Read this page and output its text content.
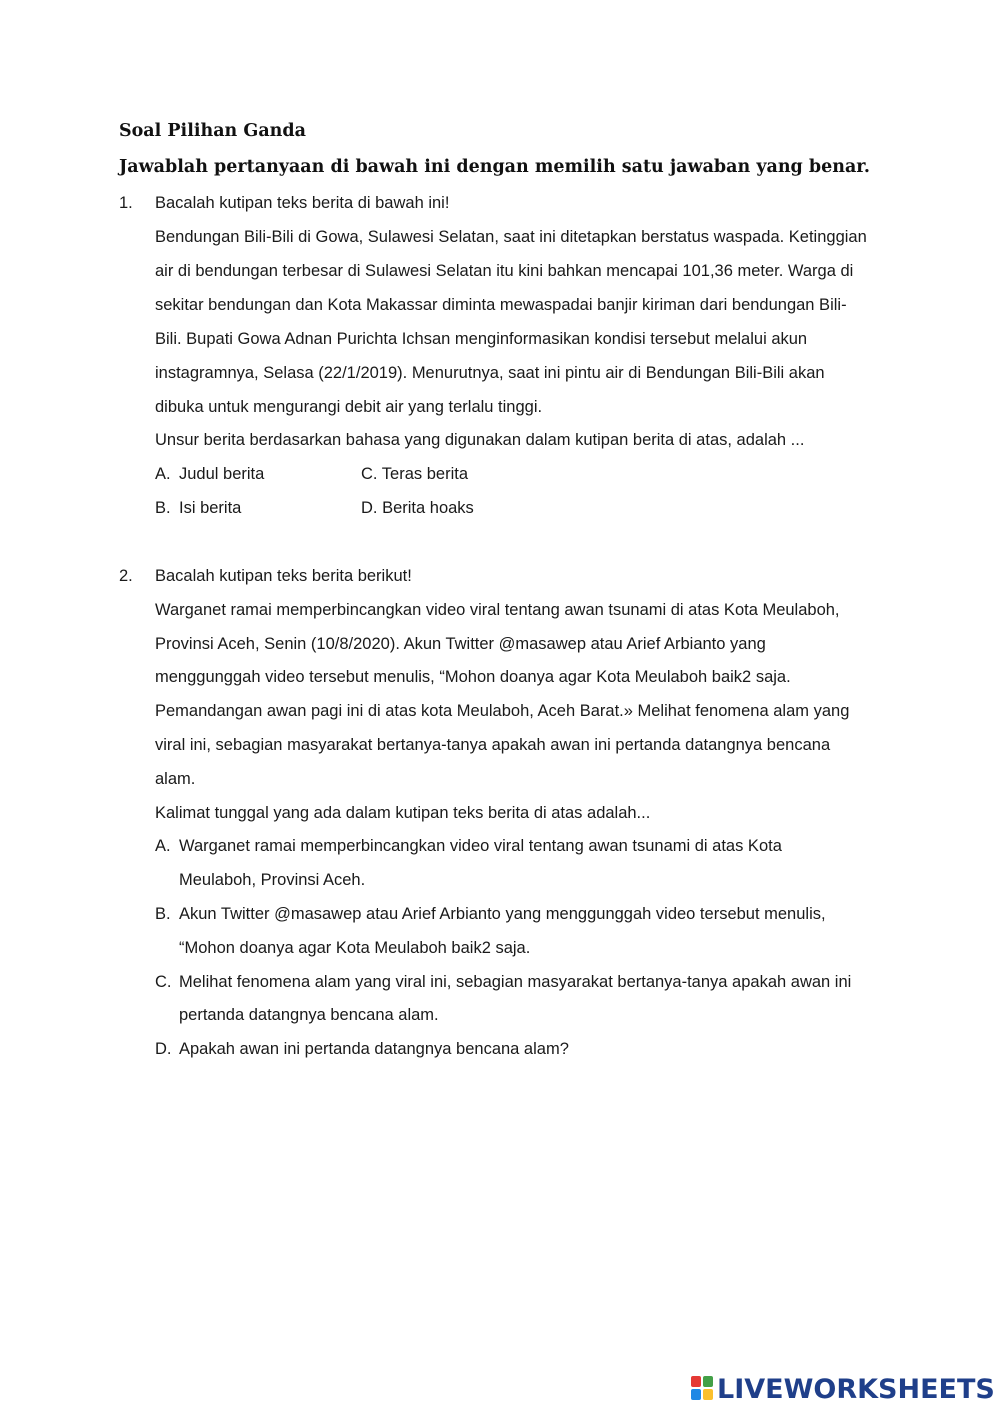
Soal Pilihan Ganda
Jawablah pertanyaan di bawah ini dengan memilih satu jawaban yang benar.
1. Bacalah kutipan teks berita di bawah ini!
Bendungan Bili-Bili di Gowa, Sulawesi Selatan, saat ini ditetapkan berstatus waspada. Ketinggian
air di bendungan terbesar di Sulawesi Selatan itu kini bahkan mencapai 101,36 meter. Warga di
sekitar bendungan dan Kota Makassar diminta mewaspadai banjir kiriman dari bendungan Bili-
Bili. Bupati Gowa Adnan Purichta Ichsan menginformasikan kondisi tersebut melalui akun
instagramnya, Selasa (22/1/2019). Menurutnya, saat ini pintu air di Bendungan Bili-Bili akan
dibuka untuk mengurangi debit air yang terlalu tinggi.
Unsur berita berdasarkan bahasa yang digunakan dalam kutipan berita di atas, adalah ...
A. Judul berita	C. Teras berita
B. Isi berita	D. Berita hoaks
2. Bacalah kutipan teks berita berikut!
Warganet ramai memperbincangkan video viral tentang awan tsunami di atas Kota Meulaboh,
Provinsi Aceh, Senin (10/8/2020). Akun Twitter @masawep atau Arief Arbianto yang
menggunggah video tersebut menulis, “Mohon doanya agar Kota Meulaboh baik2 saja.
Pemandangan awan pagi ini di atas kota Meulaboh, Aceh Barat.» Melihat fenomena alam yang
viral ini, sebagian masyarakat bertanya-tanya apakah awan ini pertanda datangnya bencana
alam.
Kalimat tunggal yang ada dalam kutipan teks berita di atas adalah...
A. Warganet ramai memperbincangkan video viral tentang awan tsunami di atas Kota
Meulaboh, Provinsi Aceh.
B. Akun Twitter @masawep atau Arief Arbianto yang menggunggah video tersebut menulis,
“Mohon doanya agar Kota Meulaboh baik2 saja.
C. Melihat fenomena alam yang viral ini, sebagian masyarakat bertanya-tanya apakah awan ini
pertanda datangnya bencana alam.
D. Apakah awan ini pertanda datangnya bencana alam?
LIVEWORKSHEETS
